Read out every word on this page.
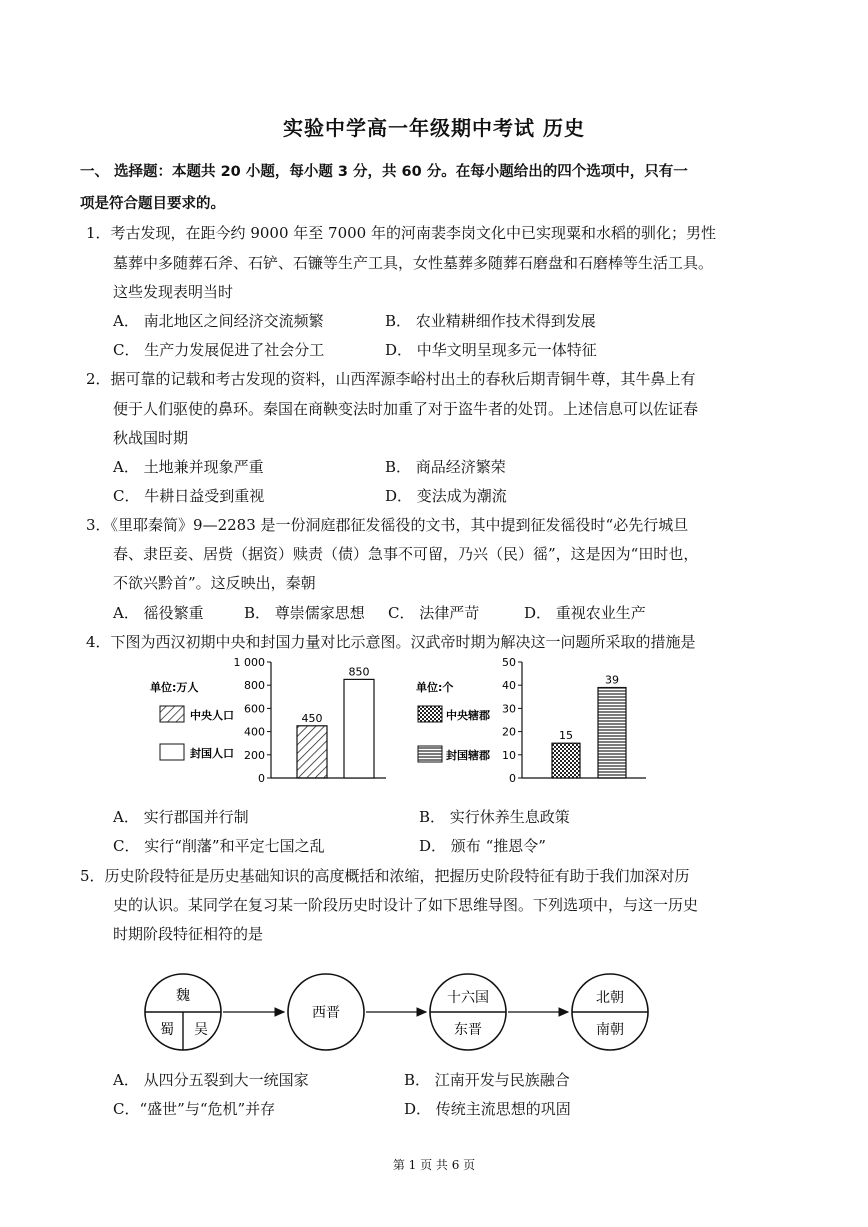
实验中学高一年级期中考试 历史
一、 选择题：本题共 20 小题，每小题 3 分，共 60 分。在每小题给出的四个选项中，只有一
项是符合题目要求的。
1．考古发现，在距今约 9000 年至 7000 年的河南裴李岗文化中已实现粟和水稻的驯化；男性
墓葬中多随葬石斧、石铲、石镰等生产工具，女性墓葬多随葬石磨盘和石磨棒等生活工具。
这些发现表明当时
A． 南北地区之间经济交流频繁	B． 农业精耕细作技术得到发展
C． 生产力发展促进了社会分工	D． 中华文明呈现多元一体特征
2．据可靠的记载和考古发现的资料，山西浑源李峪村出土的春秋后期青铜牛尊，其牛鼻上有
便于人们驱使的鼻环。秦国在商鞅变法时加重了对于盗牛者的处罚。上述信息可以佐证春
秋战国时期
A． 土地兼并现象严重	B． 商品经济繁荣
C． 牛耕日益受到重视	D． 变法成为潮流
3．《里耶秦简》9—2283 是一份洞庭郡征发徭役的文书，其中提到征发徭役时“必先行城旦
春、隶臣妾、居赀（据资）赎责（债）急事不可留，乃兴（民）徭”，这是因为“田时也，
不欲兴黔首”。这反映出，秦朝
A． 徭役繁重	B． 尊崇儒家思想 C． 法律严苛	D． 重视农业生产
4．下图为西汉初期中央和封国力量对比示意图。汉武帝时期为解决这一问题所采取的措施是
单位:万人
中央人口
封国人口
0
200
400
600
800
1 000
450
850
单位:个
中央辖郡
封国辖郡
0
10
20
30
40
50
15
39
A． 实行郡国并行制	B． 实行休养生息政策
C． 实行“削藩”和平定七国之乱	D． 颁布 “推恩令”
5．历史阶段特征是历史基础知识的高度概括和浓缩，把握历史阶段特征有助于我们加深对历
史的认识。某同学在复习某一阶段历史时设计了如下思维导图。下列选项中，与这一历史
时期阶段特征相符的是
魏
蜀 吴
西晋
十六国
东晋
北朝
南朝
A． 从四分五裂到大一统国家	B． 江南开发与民族融合
C．“盛世”与“危机”并存	D． 传统主流思想的巩固
第 1 页 共 6 页
